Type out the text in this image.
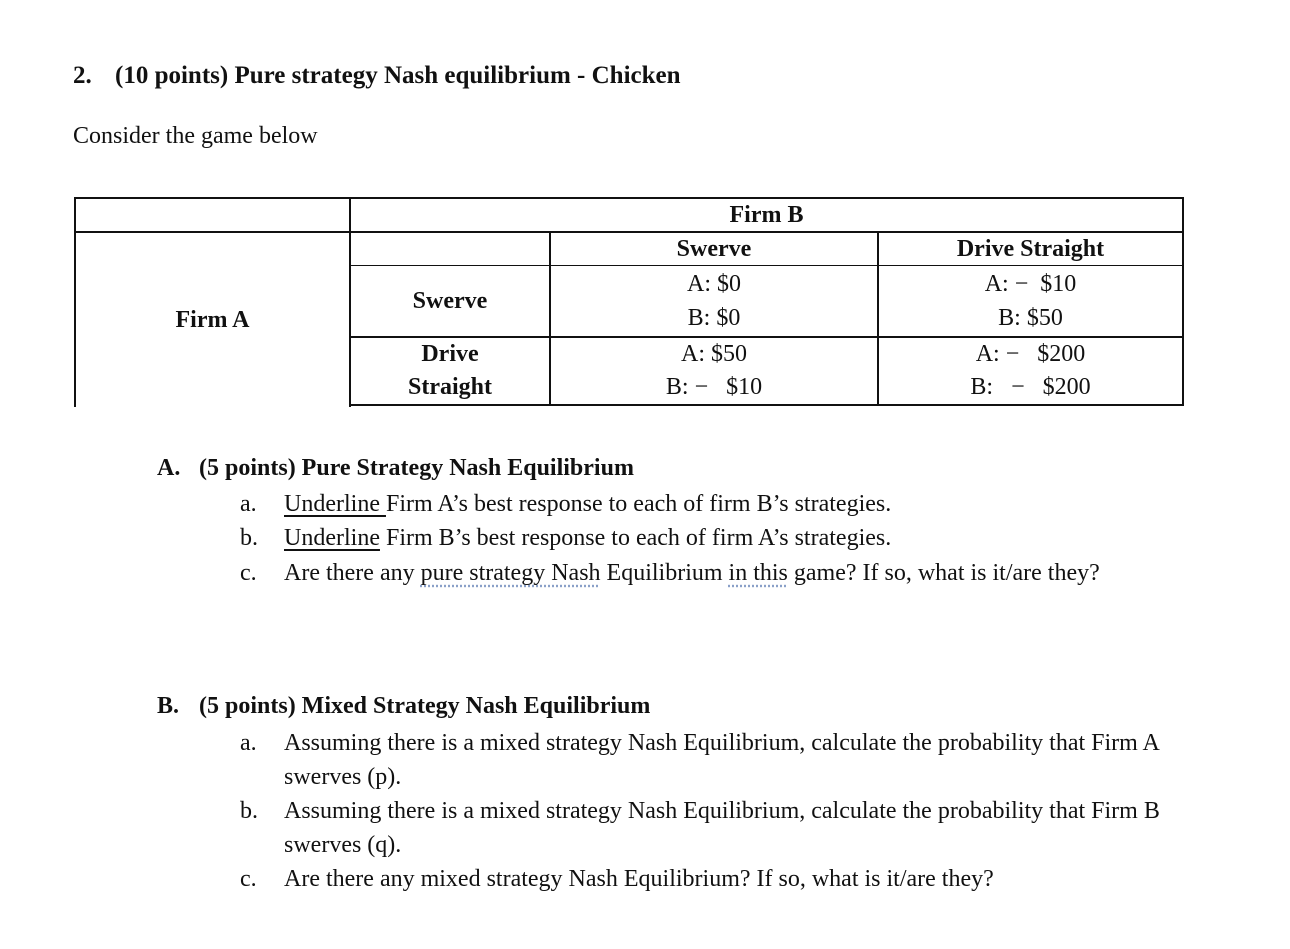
2. (10 points) Pure strategy Nash equilibrium - Chicken
Consider the game below
Firm B
Firm A
Swerve	Drive Straight
Swerve
Drive
Straight
A: $0
B: $0
A: −  $10
B: $50
A: $50
B: −   $10
A: −   $200
B:   −   $200
A. (5 points) Pure Strategy Nash Equilibrium
a. Underline Firm A’s best response to each of firm B’s strategies.
b. Underline Firm B’s best response to each of firm A’s strategies.
c. Are there any pure strategy Nash Equilibrium in this game? If so, what is it/are they?
B. (5 points) Mixed Strategy Nash Equilibrium
a. Assuming there is a mixed strategy Nash Equilibrium, calculate the probability that Firm A swerves (p).
b. Assuming there is a mixed strategy Nash Equilibrium, calculate the probability that Firm B swerves (q).
c. Are there any mixed strategy Nash Equilibrium? If so, what is it/are they?
